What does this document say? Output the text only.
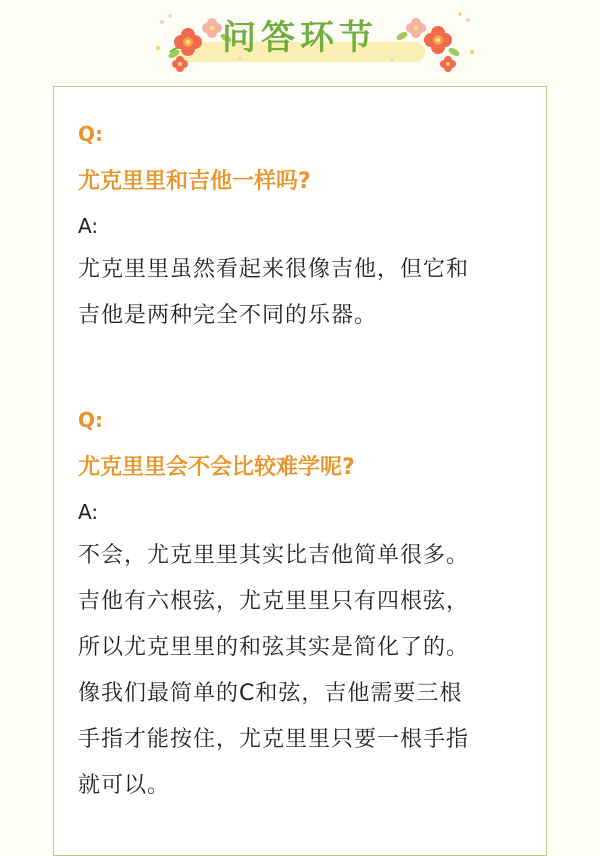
问答环节
Q:
尤克里里和吉他一样吗?
A:
尤克里里虽然看起来很像吉他，但它和
吉他是两种完全不同的乐器。
Q:
尤克里里会不会比较难学呢?
A:
不会，尤克里里其实比吉他简单很多。
吉他有六根弦，尤克里里只有四根弦，
所以尤克里里的和弦其实是简化了的。
像我们最简单的C和弦，吉他需要三根
手指才能按住，尤克里里只要一根手指
就可以。
